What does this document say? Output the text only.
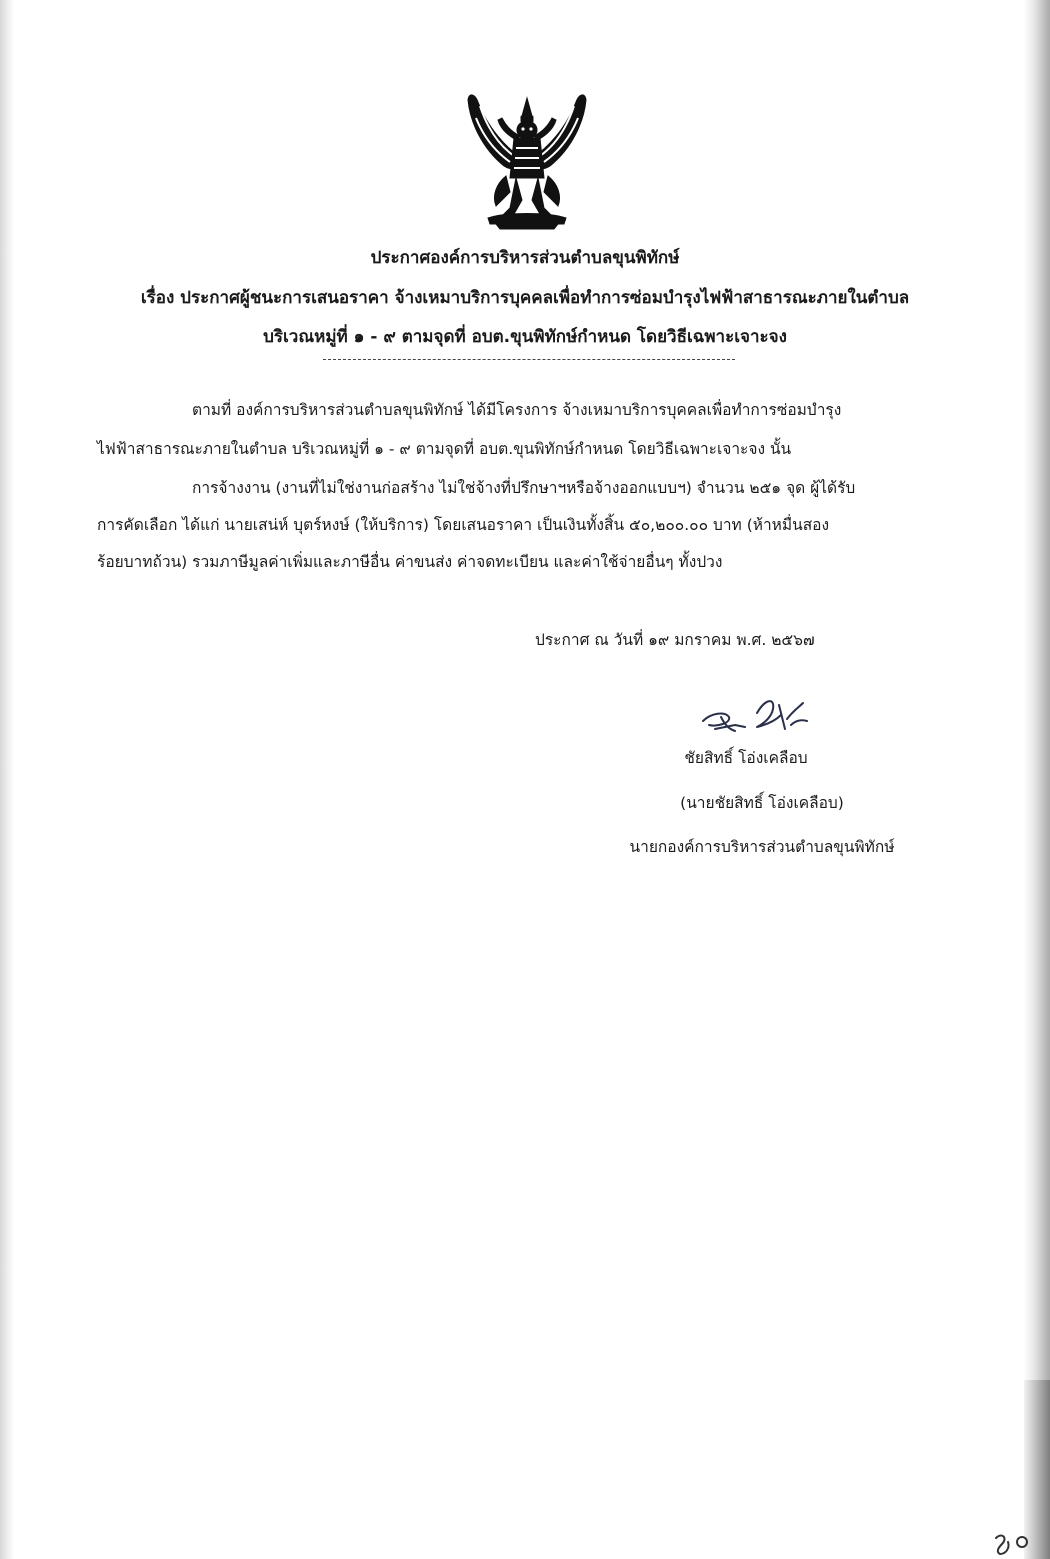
ประกาศองค์การบริหารส่วนตำบลขุนพิทักษ์
เรื่อง ประกาศผู้ชนะการเสนอราคา จ้างเหมาบริการบุคคลเพื่อทำการซ่อมบำรุงไฟฟ้าสาธารณะภายในตำบล
บริเวณหมู่ที่ ๑ - ๙ ตามจุดที่ อบต.ขุนพิทักษ์กำหนด โดยวิธีเฉพาะเจาะจง
ตามที่ องค์การบริหารส่วนตำบลขุนพิทักษ์ ได้มีโครงการ จ้างเหมาบริการบุคคลเพื่อทำการซ่อมบำรุง
ไฟฟ้าสาธารณะภายในตำบล บริเวณหมู่ที่ ๑ - ๙ ตามจุดที่ อบต.ขุนพิทักษ์กำหนด โดยวิธีเฉพาะเจาะจง นั้น
การจ้างงาน (งานที่ไม่ใช่งานก่อสร้าง ไม่ใช่จ้างที่ปรึกษาฯหรือจ้างออกแบบฯ) จำนวน ๒๕๑ จุด ผู้ได้รับ
การคัดเลือก ได้แก่ นายเสน่ห์ บุตร์หงษ์ (ให้บริการ) โดยเสนอราคา เป็นเงินทั้งสิ้น ๕๐,๒๐๐.๐๐ บาท (ห้าหมื่นสอง
ร้อยบาทถ้วน) รวมภาษีมูลค่าเพิ่มและภาษีอื่น ค่าขนส่ง ค่าจดทะเบียน และค่าใช้จ่ายอื่นๆ ทั้งปวง
ประกาศ ณ วันที่ ๑๙ มกราคม พ.ศ. ๒๕๖๗
ชัยสิทธิ์ โอ่งเคลือบ
(นายชัยสิทธิ์ โอ่งเคลือบ)
นายกองค์การบริหารส่วนตำบลขุนพิทักษ์
